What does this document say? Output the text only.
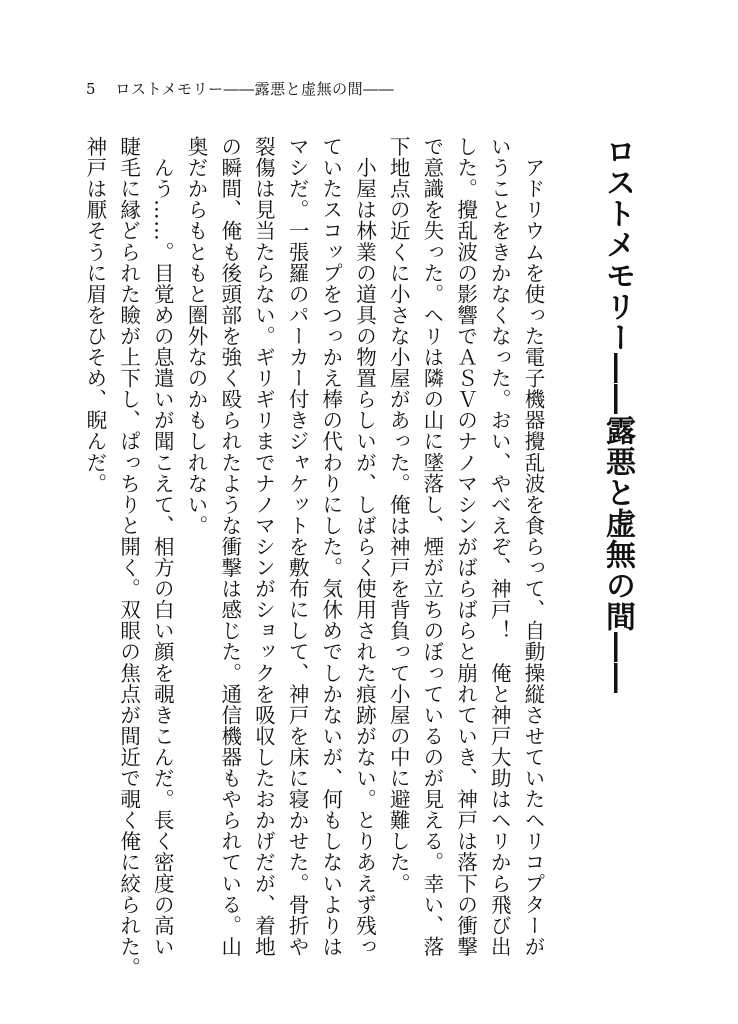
5 ロストメモリー――露悪と虚無の間――
ロストメモリー――露悪と虚無の間――
　アドリウムを使った電子機器攪乱波を食らって、自動操縦させていたヘリコプターが
いうことをきかなくなった。おい、やべえぞ、神戸！　俺と神戸大助はヘリから飛び出
した。攪乱波の影響でＡＳＶのナノマシンがばらばらと崩れていき、神戸は落下の衝撃
で意識を失った。ヘリは隣の山に墜落し、煙が立ちのぼっているのが見える。幸い、落
下地点の近くに小さな小屋があった。俺は神戸を背負って小屋の中に避難した。
　小屋は林業の道具の物置らしいが、しばらく使用された痕跡がない。とりあえず残っ
ていたスコップをつっかえ棒の代わりにした。気休めでしかないが、何もしないよりは
マシだ。一張羅のパーカー付きジャケットを敷布にして、神戸を床に寝かせた。骨折や
裂傷は見当たらない。ギリギリまでナノマシンがショックを吸収したおかげだが、着地
の瞬間、俺も後頭部を強く殴られたような衝撃は感じた。通信機器もやられている。山
奥だからもともと圏外なのかもしれない。
　んう……。目覚めの息遣いが聞こえて、相方の白い顔を覗きこんだ。長く密度の高い
睫毛に縁どられた瞼が上下し、ぱっちりと開く。双眼の焦点が間近で覗く俺に絞られた。
神戸は厭そうに眉をひそめ、睨んだ。
